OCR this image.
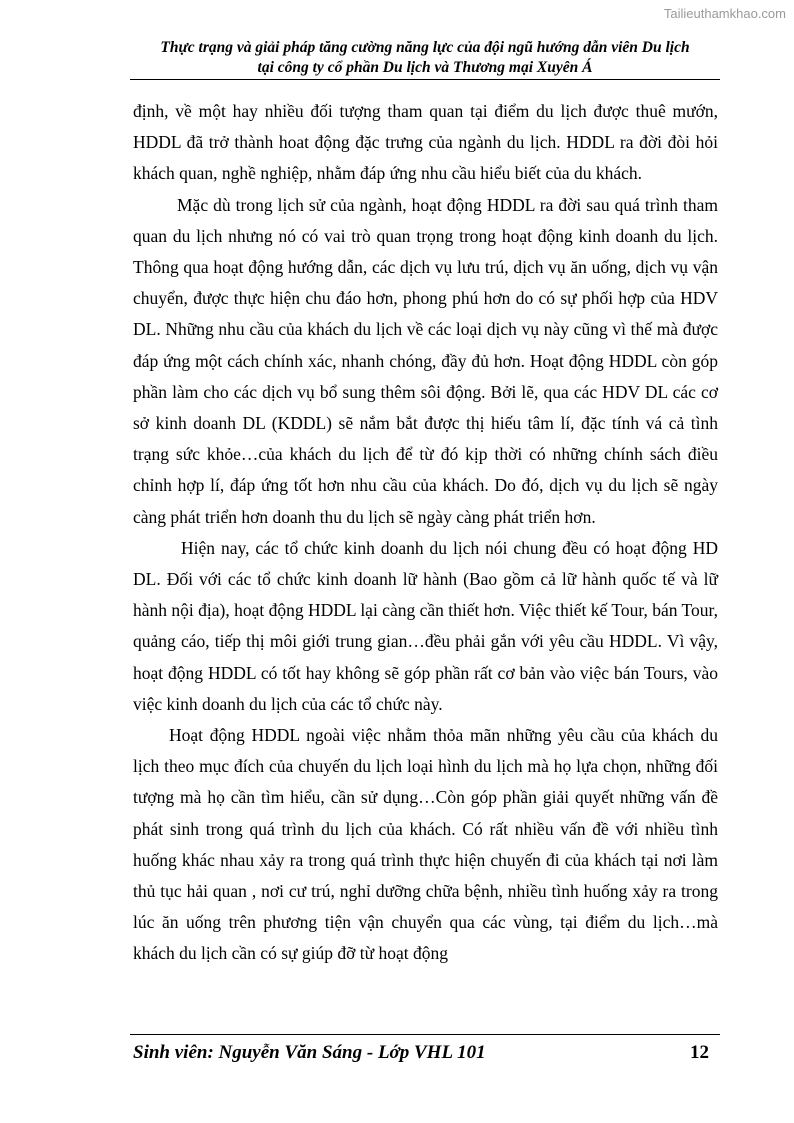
Tailieuthamkhao.com
Thực trạng và giải pháp tăng cường năng lực của đội ngũ hướng dẫn viên Du lịch
tại công ty cổ phần Du lịch và Thương mại Xuyên Á

định, về một hay nhiều đối tượng tham quan tại điểm du lịch được thuê mướn, HDDL đã trở thành hoat động đặc trưng của ngành du lịch. HDDL ra đời đòi hỏi khách quan, nghề nghiệp, nhằm đáp ứng nhu cầu hiểu biết của du khách.

Mặc dù trong lịch sử của ngành, hoạt động HDDL ra đời sau quá trình tham quan du lịch nhưng nó có vai trò quan trọng trong hoạt động kinh doanh du lịch. Thông qua hoạt động hướng dẫn, các dịch vụ lưu trú, dịch vụ ăn uống, dịch vụ vận chuyển, được thực hiện chu đáo hơn, phong phú hơn do có sự phối hợp của HDV DL. Những nhu cầu của khách du lịch về các loại dịch vụ này cũng vì thế mà được đáp ứng một cách chính xác, nhanh chóng, đầy đủ hơn. Hoạt động HDDL còn góp phần làm cho các dịch vụ bổ sung thêm sôi động. Bởi lẽ, qua các HDV DL các cơ sở kinh doanh DL (KDDL) sẽ nắm bắt được thị hiếu tâm lí, đặc tính vá cả tình trạng sức khỏe…của khách du lịch để từ đó kịp thời có những chính sách điều chỉnh hợp lí, đáp ứng tốt hơn nhu cầu của khách. Do đó, dịch vụ du lịch sẽ ngày càng phát triển hơn doanh thu du lịch sẽ ngày càng phát triển hơn.

Hiện nay, các tổ chức kinh doanh du lịch nói chung đều có hoạt động HD DL. Đối với các tổ chức kinh doanh lữ hành (Bao gồm cả lữ hành quốc tế và lữ hành nội địa), hoạt động HDDL lại càng cần thiết hơn. Việc thiết kế Tour, bán Tour, quảng cáo, tiếp thị môi giới trung gian…đều phải gắn với yêu cầu HDDL. Vì vậy, hoạt động HDDL có tốt hay không sẽ góp phần rất cơ bản vào việc bán Tours, vào việc kinh doanh du lịch của các tổ chức này.

Hoạt động HDDL ngoài việc nhằm thỏa mãn những yêu cầu của khách du lịch theo mục đích của chuyến du lịch loại hình du lịch mà họ lựa chọn, những đối tượng mà họ cần tìm hiểu, cần sử dụng…Còn góp phần giải quyết những vấn đề phát sinh trong quá trình du lịch của khách. Có rất nhiều vấn đề với nhiều tình huống khác nhau xảy ra trong quá trình thực hiện chuyến đi của khách tại nơi làm thủ tục hải quan , nơi cư trú, nghỉ dưỡng chữa bệnh, nhiều tình huống xảy ra trong lúc ăn uống trên phương tiện vận chuyển qua các vùng, tại điểm du lịch…mà khách du lịch cần có sự giúp đỡ từ hoạt động

Sinh viên: Nguyễn Văn Sáng - Lớp VHL 101	12
